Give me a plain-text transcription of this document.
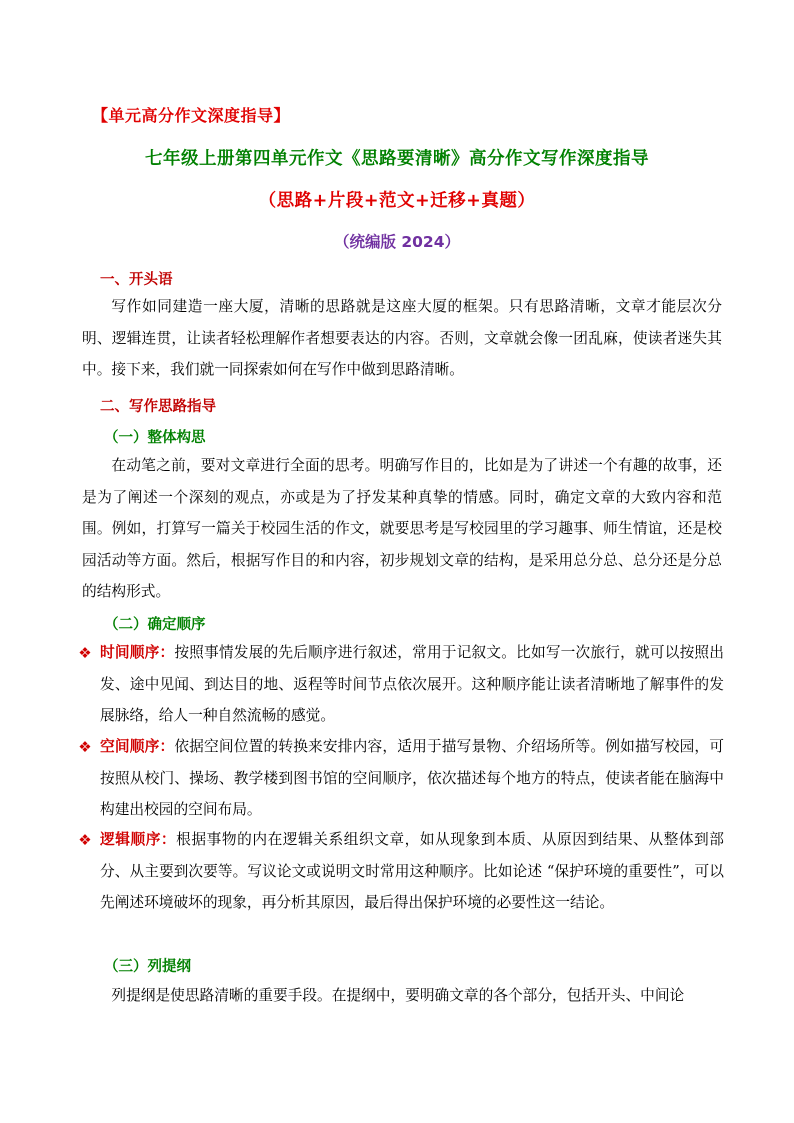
【单元高分作文深度指导】
七年级上册第四单元作文《思路要清晰》高分作文写作深度指导
（思路+片段+范文+迁移+真题）
（统编版 2024）
一、开头语

写作如同建造一座大厦，清晰的思路就是这座大厦的框架。只有思路清晰，文章才能层次分明、逻辑连贯，让读者轻松理解作者想要表达的内容。否则，文章就会像一团乱麻，使读者迷失其中。接下来，我们就一同探索如何在写作中做到思路清晰。

二、写作思路指导
（一）整体构思

在动笔之前，要对文章进行全面的思考。明确写作目的，比如是为了讲述一个有趣的故事，还是为了阐述一个深刻的观点，亦或是为了抒发某种真挚的情感。同时，确定文章的大致内容和范围。例如，打算写一篇关于校园生活的作文，就要思考是写校园里的学习趣事、师生情谊，还是校园活动等方面。然后，根据写作目的和内容，初步规划文章的结构，是采用总分总、总分还是分总的结构形式。

（二）确定顺序
❖ 时间顺序：按照事情发展的先后顺序进行叙述，常用于记叙文。比如写一次旅行，就可以按照出发、途中见闻、到达目的地、返程等时间节点依次展开。这种顺序能让读者清晰地了解事件的发展脉络，给人一种自然流畅的感觉。
❖ 空间顺序：依据空间位置的转换来安排内容，适用于描写景物、介绍场所等。例如描写校园，可按照从校门、操场、教学楼到图书馆的空间顺序，依次描述每个地方的特点，使读者能在脑海中构建出校园的空间布局。
❖ 逻辑顺序：根据事物的内在逻辑关系组织文章，如从现象到本质、从原因到结果、从整体到部分、从主要到次要等。写议论文或说明文时常用这种顺序。比如论述 “保护环境的重要性”，可以先阐述环境破坏的现象，再分析其原因，最后得出保护环境的必要性这一结论。
（三）列提纲

列提纲是使思路清晰的重要手段。在提纲中，要明确文章的各个部分，包括开头、中间论
